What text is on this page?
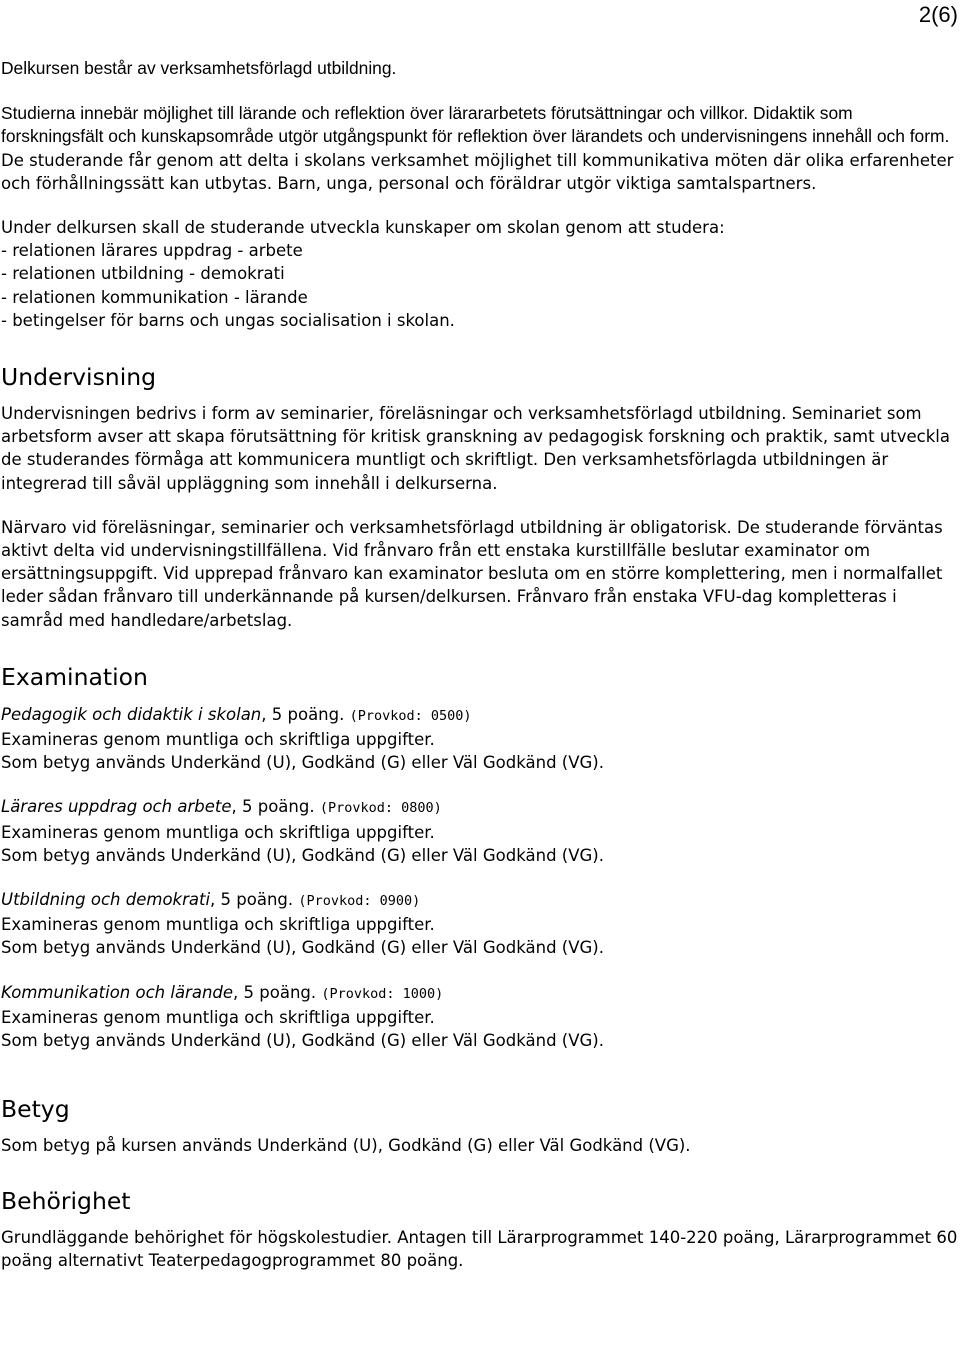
2(6)

Delkursen består av verksamhetsförlagd utbildning.

Studierna innebär möjlighet till lärande och reflektion över lärararbetets förutsättningar och villkor. Didaktik som forskningsfält och kunskapsområde utgör utgångspunkt för reflektion över lärandets och undervisningens innehåll och form. De studerande får genom att delta i skolans verksamhet möjlighet till kommunikativa möten där olika erfarenheter och förhållningssätt kan utbytas. Barn, unga, personal och föräldrar utgör viktiga samtalspartners.

Under delkursen skall de studerande utveckla kunskaper om skolan genom att studera:
- relationen lärares uppdrag - arbete
- relationen utbildning - demokrati
- relationen kommunikation - lärande
- betingelser för barns och ungas socialisation i skolan.
Undervisning

Undervisningen bedrivs i form av seminarier, föreläsningar och verksamhetsförlagd utbildning. Seminariet som arbetsform avser att skapa förutsättning för kritisk granskning av pedagogisk forskning och praktik, samt utveckla de studerandes förmåga att kommunicera muntligt och skriftligt. Den verksamhetsförlagda utbildningen är integrerad till såväl uppläggning som innehåll i delkurserna.

Närvaro vid föreläsningar, seminarier och verksamhetsförlagd utbildning är obligatorisk. De studerande förväntas aktivt delta vid undervisningstillfällena. Vid frånvaro från ett enstaka kurstillfälle beslutar examinator om ersättningsuppgift. Vid upprepad frånvaro kan examinator besluta om en större komplettering, men i normalfallet leder sådan frånvaro till underkännande på kursen/delkursen. Frånvaro från enstaka VFU-dag kompletteras i samråd med handledare/arbetslag.

Examination
Pedagogik och didaktik i skolan, 5 poäng. (Provkod: 0500)
Examineras genom muntliga och skriftliga uppgifter.
Som betyg används Underkänd (U), Godkänd (G) eller Väl Godkänd (VG).
Lärares uppdrag och arbete, 5 poäng. (Provkod: 0800)
Examineras genom muntliga och skriftliga uppgifter.
Som betyg används Underkänd (U), Godkänd (G) eller Väl Godkänd (VG).
Utbildning och demokrati, 5 poäng. (Provkod: 0900)
Examineras genom muntliga och skriftliga uppgifter.
Som betyg används Underkänd (U), Godkänd (G) eller Väl Godkänd (VG).
Kommunikation och lärande, 5 poäng. (Provkod: 1000)
Examineras genom muntliga och skriftliga uppgifter.
Som betyg används Underkänd (U), Godkänd (G) eller Väl Godkänd (VG).
Betyg

Som betyg på kursen används Underkänd (U), Godkänd (G) eller Väl Godkänd (VG).

Behörighet

Grundläggande behörighet för högskolestudier. Antagen till Lärarprogrammet 140-220 poäng, Lärarprogrammet 60 poäng alternativt Teaterpedagogprogrammet 80 poäng.
